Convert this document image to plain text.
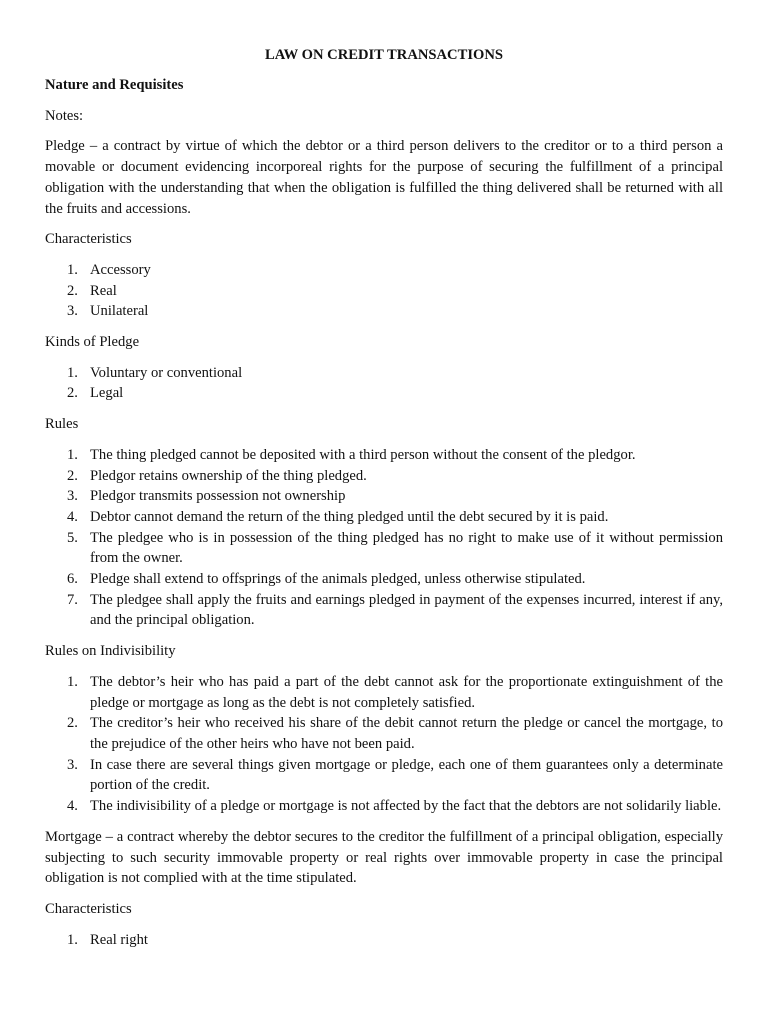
LAW ON CREDIT TRANSACTIONS
Nature and Requisites
Notes:

Pledge – a contract by virtue of which the debtor or a third person delivers to the creditor or to a third person a movable or document evidencing incorporeal rights for the purpose of securing the fulfillment of a principal obligation with the understanding that when the obligation is fulfilled the thing delivered shall be returned with all the fruits and accessions.

Characteristics
1. Accessory
2. Real
3. Unilateral
Kinds of Pledge
1. Voluntary or conventional
2. Legal
Rules
1. The thing pledged cannot be deposited with a third person without the consent of the pledgor.
2. Pledgor retains ownership of the thing pledged.
3. Pledgor transmits possession not ownership
4. Debtor cannot demand the return of the thing pledged until the debt secured by it is paid.
5. The pledgee who is in possession of the thing pledged has no right to make use of it without permission from the owner.
6. Pledge shall extend to offsprings of the animals pledged, unless otherwise stipulated.
7. The pledgee shall apply the fruits and earnings pledged in payment of the expenses incurred, interest if any, and the principal obligation.
Rules on Indivisibility
1. The debtor’s heir who has paid a part of the debt cannot ask for the proportionate extinguishment of the pledge or mortgage as long as the debt is not completely satisfied.
2. The creditor’s heir who received his share of the debit cannot return the pledge or cancel the mortgage, to the prejudice of the other heirs who have not been paid.
3. In case there are several things given mortgage or pledge, each one of them guarantees only a determinate portion of the credit.
4. The indivisibility of a pledge or mortgage is not affected by the fact that the debtors are not solidarily liable.

Mortgage – a contract whereby the debtor secures to the creditor the fulfillment of a principal obligation, especially subjecting to such security immovable property or real rights over immovable property in case the principal obligation is not complied with at the time stipulated.

Characteristics
1. Real right
